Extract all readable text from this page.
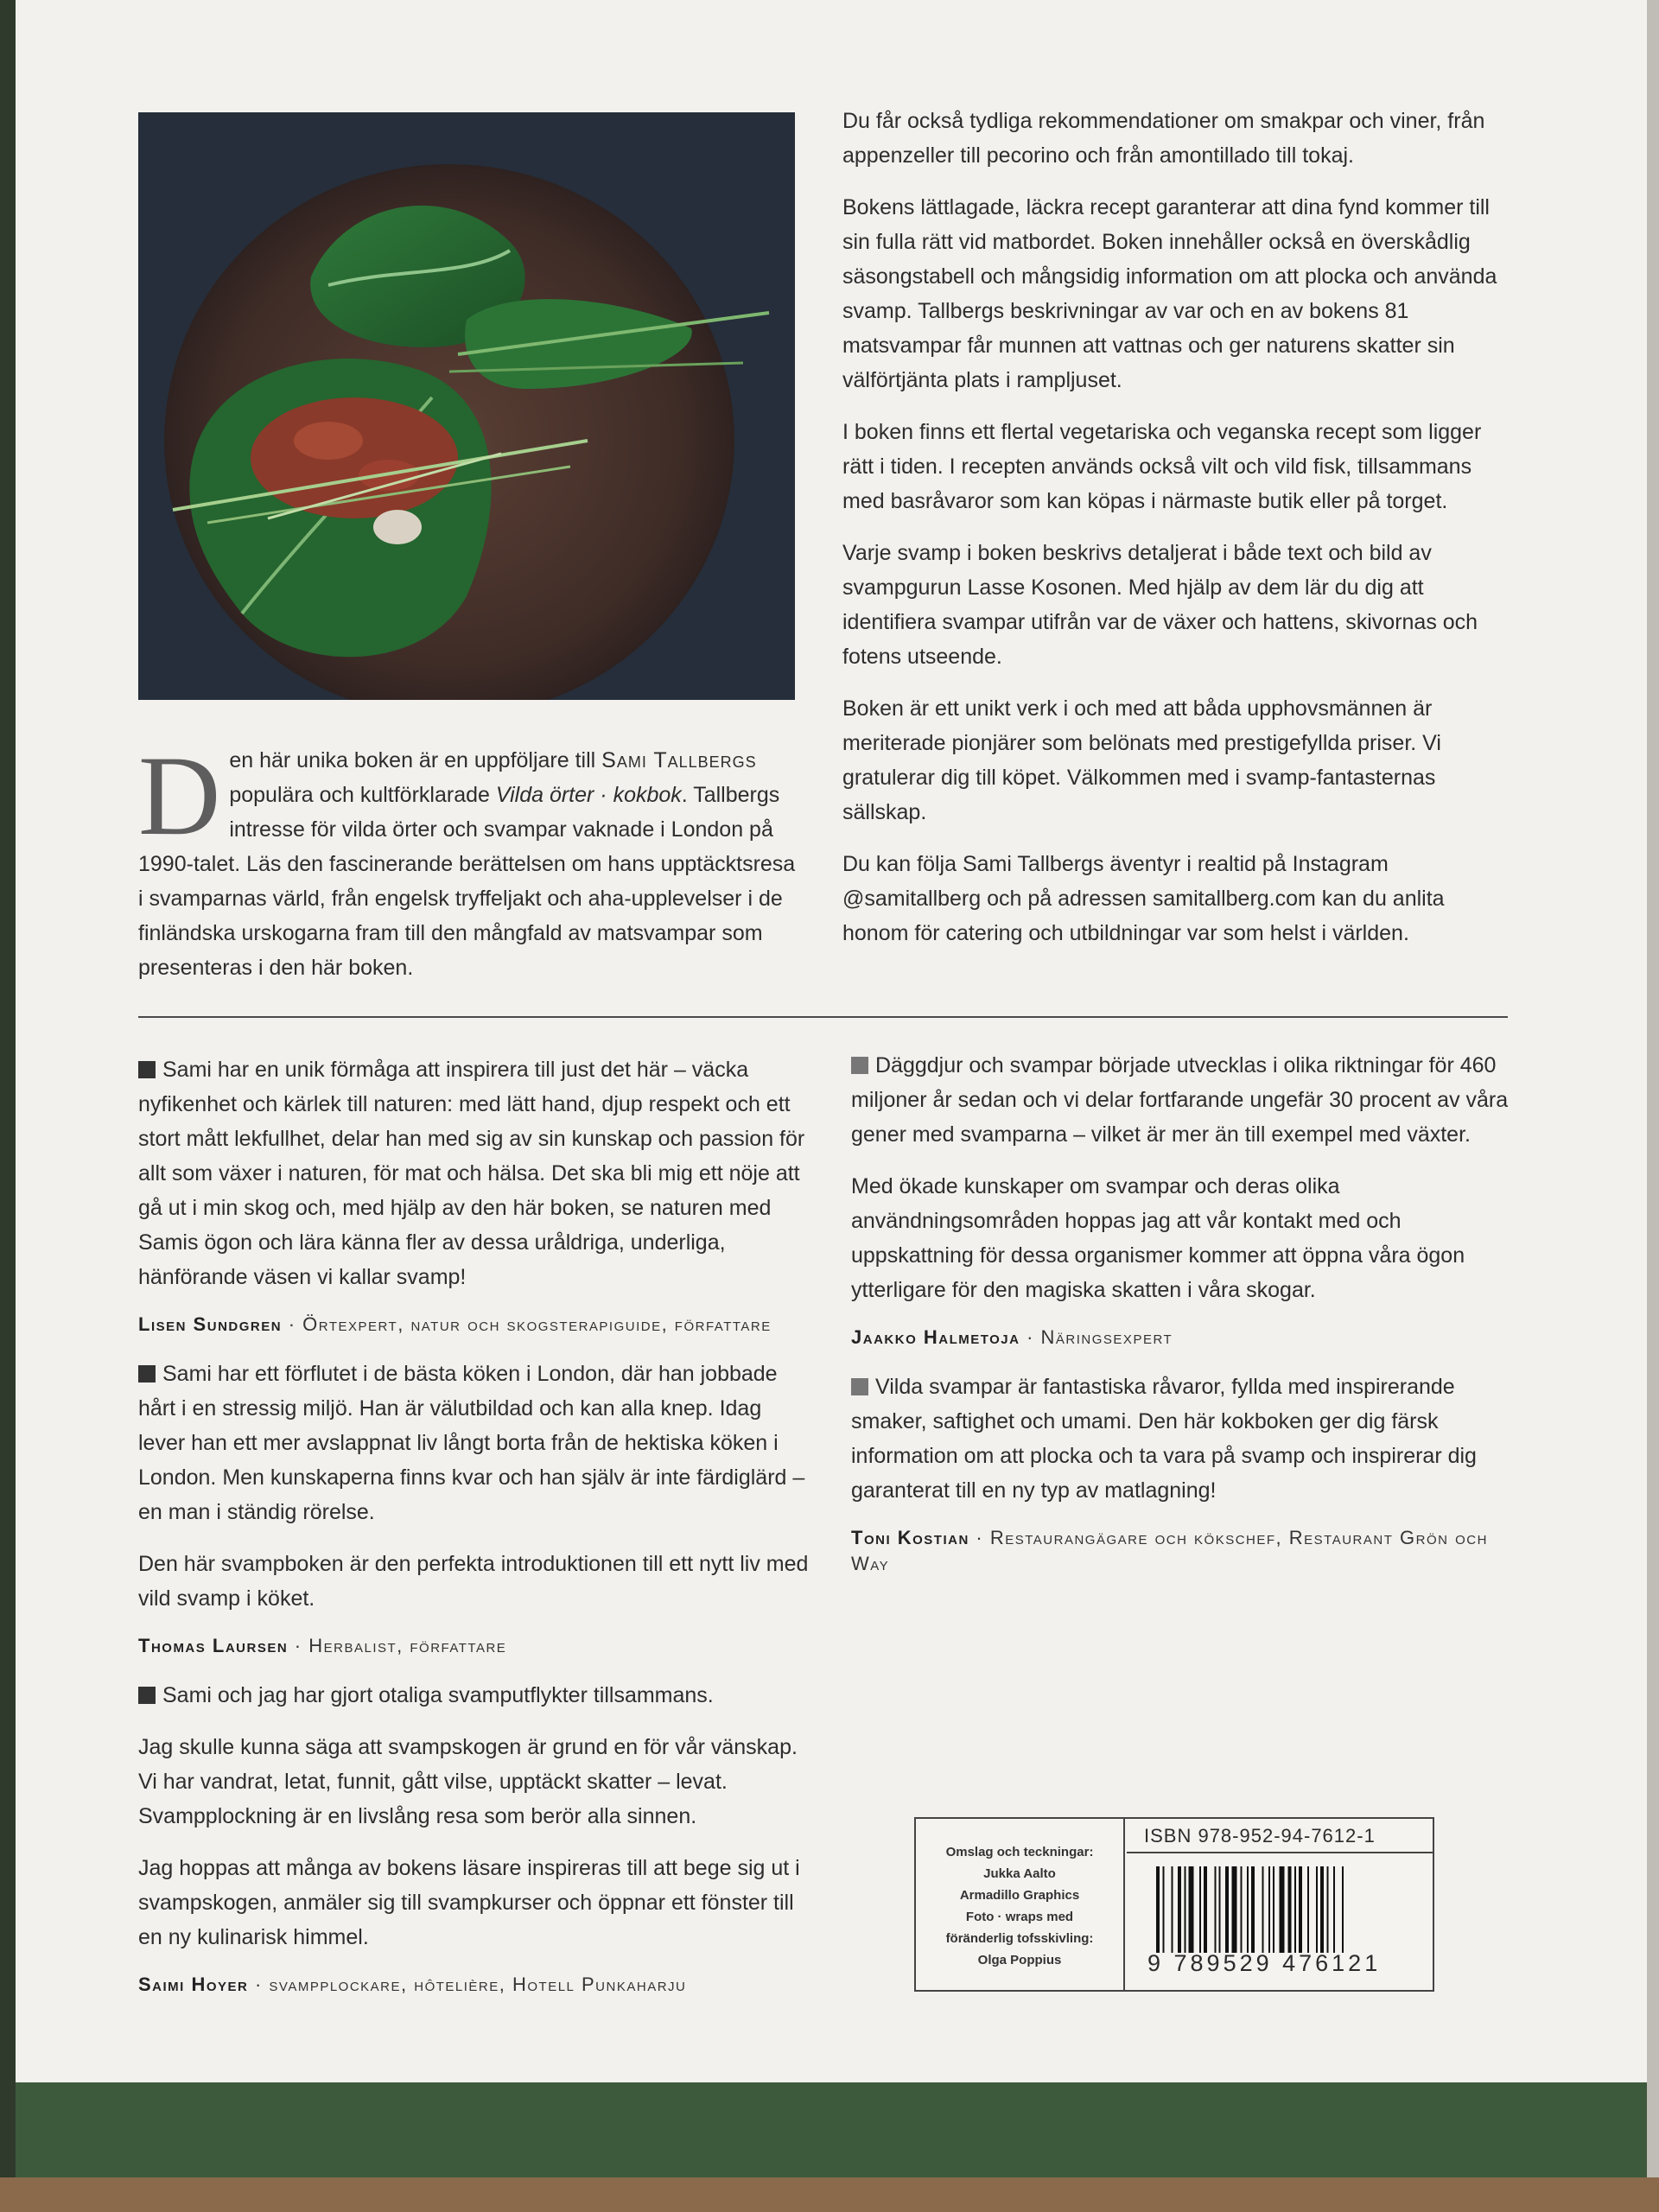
Den här unika boken är en uppföljare till Sami Tallbergs populära och kultförklarade Vilda örter · kokbok. Tallbergs intresse för vilda örter och svampar vaknade i London på 1990-talet. Läs den fascinerande berättelsen om hans upptäcktsresa i svamparnas värld, från engelsk tryffeljakt och aha-upplevelser i de finländska urskogarna fram till den mångfald av matsvampar som presenteras i den här boken.

Du får också tydliga rekommendationer om smakpar och viner, från appenzeller till pecorino och från amontillado till tokaj.

Bokens lättlagade, läckra recept garanterar att dina fynd kommer till sin fulla rätt vid matbordet. Boken innehåller också en överskådlig säsongstabell och mångsidig information om att plocka och använda svamp. Tallbergs beskrivningar av var och en av bokens 81 matsvampar får munnen att vattnas och ger naturens skatter sin välförtjänta plats i rampljuset.

I boken finns ett flertal vegetariska och veganska recept som ligger rätt i tiden. I recepten används också vilt och vild fisk, tillsammans med basråvaror som kan köpas i närmaste butik eller på torget.

Varje svamp i boken beskrivs detaljerat i både text och bild av svampgurun Lasse Kosonen. Med hjälp av dem lär du dig att identifiera svampar utifrån var de växer och hattens, skivornas och fotens utseende.

Boken är ett unikt verk i och med att båda upphovsmännen är meriterade pionjärer som belönats med prestigefyllda priser. Vi gratulerar dig till köpet. Välkommen med i svamp-fantasternas sällskap.

Du kan följa Sami Tallbergs äventyr i realtid på Instagram @samitallberg och på adressen samitallberg.com kan du anlita honom för catering och utbildningar var som helst i världen.

Sami har en unik förmåga att inspirera till just det här – väcka nyfikenhet och kärlek till naturen: med lätt hand, djup respekt och ett stort mått lekfullhet, delar han med sig av sin kunskap och passion för allt som växer i naturen, för mat och hälsa. Det ska bli mig ett nöje att gå ut i min skog och, med hjälp av den här boken, se naturen med Samis ögon och lära känna fler av dessa uråldriga, underliga, hänförande väsen vi kallar svamp!

Lisen Sundgren · Örtexpert, natur och skogsterapiguide, författare

Sami har ett förflutet i de bästa köken i London, där han jobbade hårt i en stressig miljö. Han är välutbildad och kan alla knep. Idag lever han ett mer avslappnat liv långt borta från de hektiska köken i London. Men kunskaperna finns kvar och han själv är inte färdiglärd – en man i ständig rörelse.

Den här svampboken är den perfekta introduktionen till ett nytt liv med vild svamp i köket.

Thomas Laursen · Herbalist, författare

Sami och jag har gjort otaliga svamputflykter tillsammans.

Jag skulle kunna säga att svampskogen är grund en för vår vänskap. Vi har vandrat, letat, funnit, gått vilse, upptäckt skatter – levat. Svampplockning är en livslång resa som berör alla sinnen.

Jag hoppas att många av bokens läsare inspireras till att bege sig ut i svampskogen, anmäler sig till svampkurser och öppnar ett fönster till en ny kulinarisk himmel.

Saimi Hoyer · svampplockare, hôtelière, Hotell Punkaharju

Däggdjur och svampar började utvecklas i olika riktningar för 460 miljoner år sedan och vi delar fortfarande ungefär 30 procent av våra gener med svamparna – vilket är mer än till exempel med växter.

Med ökade kunskaper om svampar och deras olika användningsområden hoppas jag att vår kontakt med och uppskattning för dessa organismer kommer att öppna våra ögon ytterligare för den magiska skatten i våra skogar.

Jaakko Halmetoja · Näringsexpert

Vilda svampar är fantastiska råvaror, fyllda med inspirerande smaker, saftighet och umami. Den här kokboken ger dig färsk information om att plocka och ta vara på svamp och inspirerar dig garanterat till en ny typ av matlagning!

Toni Kostian · Restaurangägare och kökschef, Restaurant Grön och Way
Omslag och teckningar:
Jukka Aalto
Armadillo Graphics
Foto · wraps med
föränderlig tofsskivling:
Olga Poppius
ISBN 978-952-94-7612-1
9 789529 476121
